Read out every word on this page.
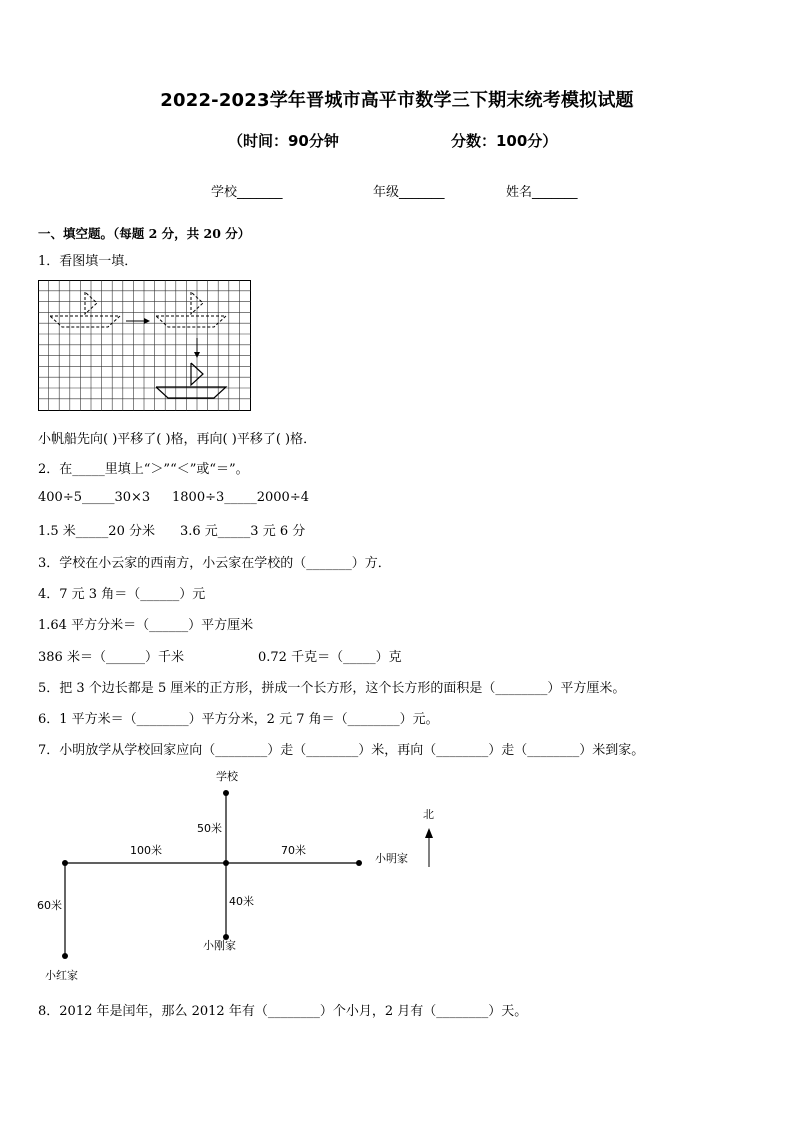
2022-2023学年晋城市高平市数学三下期末统考模拟试题
（时间：90分钟	分数：100分）
学校_______	年级_______	姓名_______
一、填空题。（每题 2 分，共 20 分）
1．看图填一填．
小帆船先向( )平移了( )格，再向( )平移了( )格．
2．在_____里填上“＞”“＜”或“＝”。
400÷5_____30×3 1800÷3_____2000÷4
1.5 米_____20 分米 3.6 元_____3 元 6 分
3．学校在小云家的西南方，小云家在学校的（_______）方．
4．7 元 3 角＝（______）元
1.64 平方分米＝（______）平方厘米
386 米＝（______）千米	0.72 千克＝（_____）克
5．把 3 个边长都是 5 厘米的正方形，拼成一个长方形，这个长方形的面积是（________）平方厘米。
6．1 平方米＝（________）平方分米，2 元 7 角＝（________）元。
7．小明放学从学校回家应向（________）走（________）米，再向（________）走（________）米到家。
学校
50米
100米	70米
小明家
40米
小刚家
60米
小红家
北
8．2012 年是闰年，那么 2012 年有（________）个小月，2 月有（________）天。
